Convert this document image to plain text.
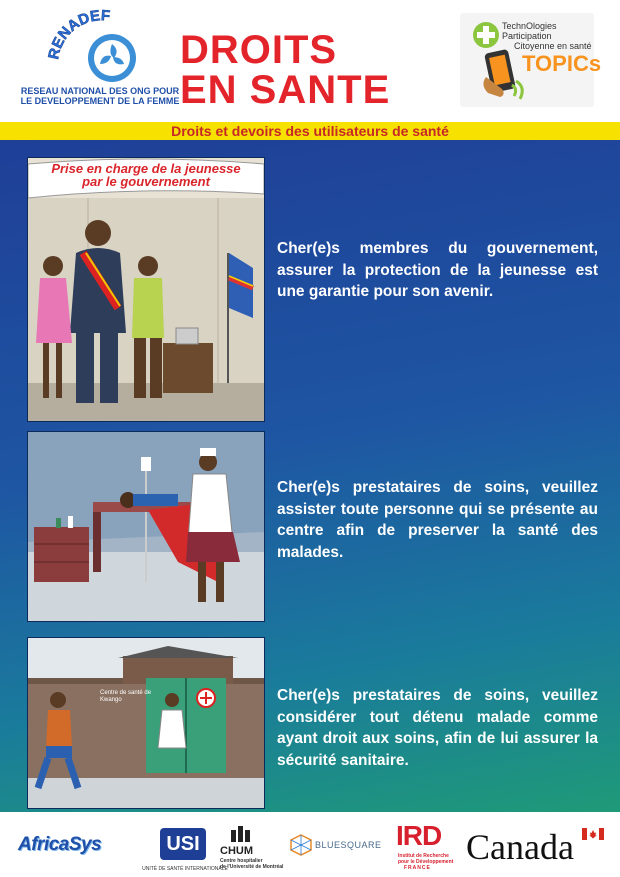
RENADEF
RESEAU NATIONAL DES ONG POUR
LE DEVELOPPEMENT DE LA FEMME
DROITS
EN SANTE
TechnOlogies Participation
Citoyenne en santé
TOPICs
Droits et devoirs des utilisateurs de santé
Prise en charge de la jeunesse
par le gouvernement
Cher(e)s membres du gouvernement, assurer la protection de la jeunesse est une garantie pour son avenir.
Cher(e)s prestataires de soins, veuillez assister toute personne qui se présente au centre afin de preserver la santé des malades.
Centre de santé de Kwango	Cher(e)s prestataires de soins, veuillez considérer tout détenu malade comme ayant droit aux soins, afin de lui assurer la sécurité sanitaire.
AfricaSys	USI
UNITÉ DE SANTÉ INTERNATIONALE
CHUM
Centre hospitalier
de l'Université de Montréal
BLUESQUARE IRD
Institut de Recherche
pour le Développement
FRANCE
Canada
